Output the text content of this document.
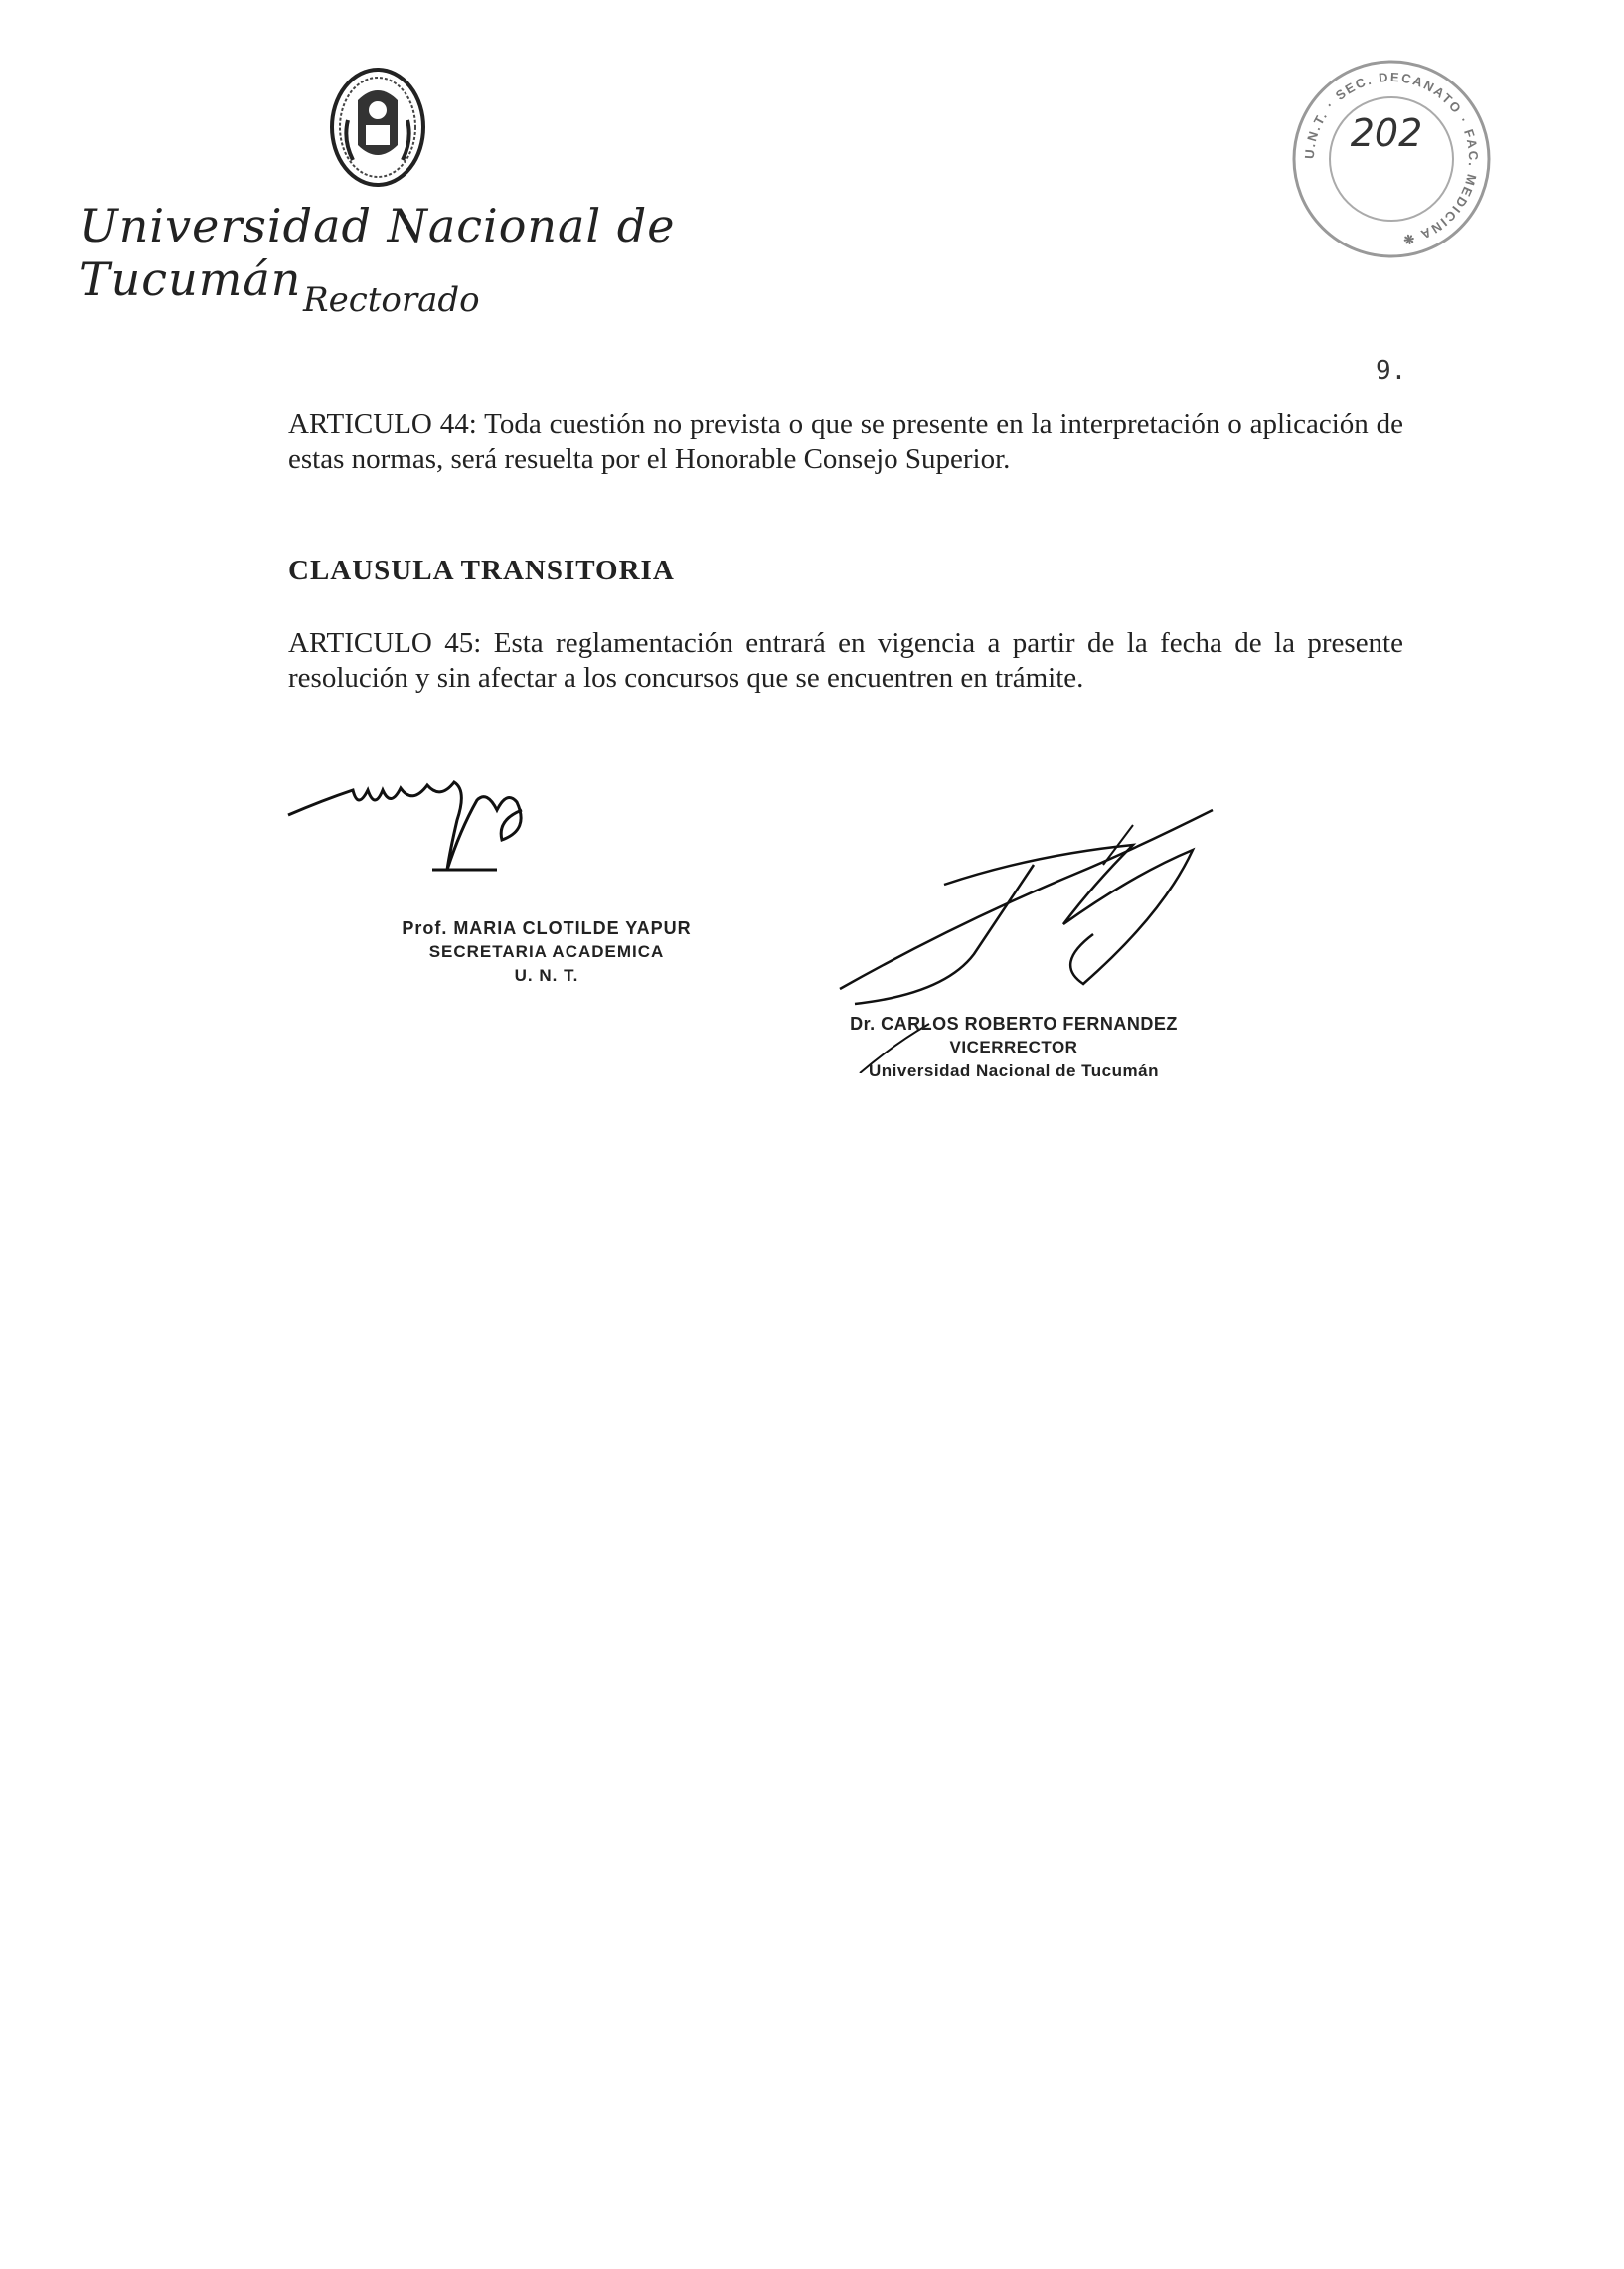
Universidad Nacional de Tucumán Rectorado
U.N.T. · SEC. DECANATO · FAC. MEDICINA ❋
202
9.
ARTICULO 44: Toda cuestión no prevista o que se presente en la interpretación o aplicación de estas normas, será resuelta por el Honorable Consejo Superior.
CLAUSULA TRANSITORIA
ARTICULO 45: Esta reglamentación entrará en vigencia a partir de la fecha de la presente resolución y sin afectar a los concursos que se encuentren en trámite.
Prof. MARIA CLOTILDE YAPUR
SECRETARIA ACADEMICA
U. N. T.
Dr. CARLOS ROBERTO FERNANDEZ
VICERRECTOR
Universidad Nacional de Tucumán
